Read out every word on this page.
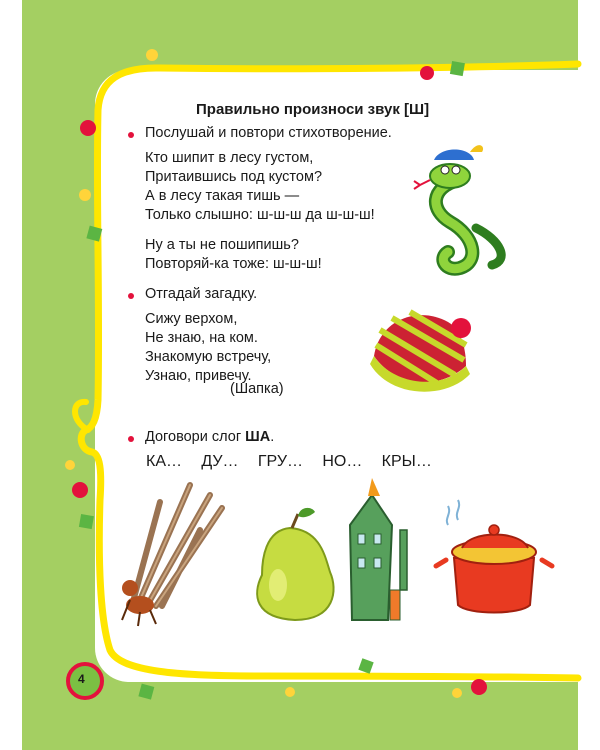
Правильно произноси звук [Ш]
Послушай и повтори стихотворение.
Кто шипит в лесу густом,
Притаившись под кустом?
А в лесу такая тишь —
Только слышно: ш-ш-ш да ш-ш-ш!
Ну а ты не пошипишь?
Повторяй-ка тоже: ш-ш-ш!
Отгадай загадку.
Сижу верхом,
Не знаю, на ком.
Знакомую встречу,
Узнаю, привечу.
(Шапка)
Договори слог ША.
КА…   ДУ…   ГРУ…   НО…   КРЫ…
4
